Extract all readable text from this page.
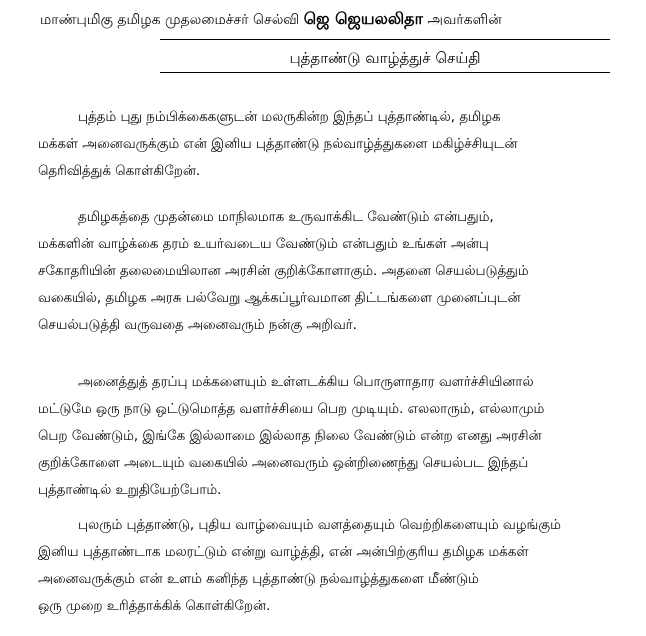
மாண்புமிகு தமிழக முதலமைச்சர் செல்வி ஜெ ஜெயலலிதா அவர்களின்
புத்தாண்டு வாழ்த்துச் செய்தி
புத்தம் புது நம்பிக்கைகளுடன் மலருகின்ற இந்தப் புத்தாண்டில், தமிழக
மக்கள் அனைவருக்கும் என் இனிய புத்தாண்டு நல்வாழ்த்துகளை மகிழ்ச்சியுடன்
தெரிவித்துக் கொள்கிறேன்.
தமிழகத்தை முதன்மை மாநிலமாக உருவாக்கிட வேண்டும் என்பதும்,
மக்களின் வாழ்க்கை தரம் உயர்வடைய வேண்டும் என்பதும் உங்கள் அன்பு
சகோதரியின் தலைமையிலான அரசின் குறிக்கோளாகும். அதனை செயல்படுத்தும்
வகையில், தமிழக அரசு பல்வேறு ஆக்கப்பூர்வமான திட்டங்களை முனைப்புடன்
செயல்படுத்தி வருவதை அனைவரும் நன்கு அறிவர்.
அனைத்துத் தரப்பு மக்களையும் உள்ளடக்கிய பொருளாதார வளர்ச்சியினால்
மட்டுமே ஒரு நாடு ஒட்டுமொத்த வளர்ச்சியை பெற முடியும். எலலாரும், எல்லாமும்
பெற வேண்டும், இங்கே இல்லாமை இல்லாத நிலை வேண்டும் என்ற எனது அரசின்
குறிக்கோளை அடையும் வகையில் அனைவரும் ஒன்றிணைந்து செயல்பட இந்தப்
புத்தாண்டில் உறுதியேற்போம்.
புலரும் புத்தாண்டு, புதிய வாழ்வையும் வளத்தையும் வெற்றிகளையும் வழங்கும்
இனிய புத்தாண்டாக மலரட்டும் என்று வாழ்த்தி, என் அன்பிற்குரிய தமிழக மக்கள்
அனைவருக்கும் என் உளம் கனிந்த புத்தாண்டு நல்வாழ்த்துகளை மீண்டும்
ஒரு முறை உரித்தாக்கிக் கொள்கிறேன்.
